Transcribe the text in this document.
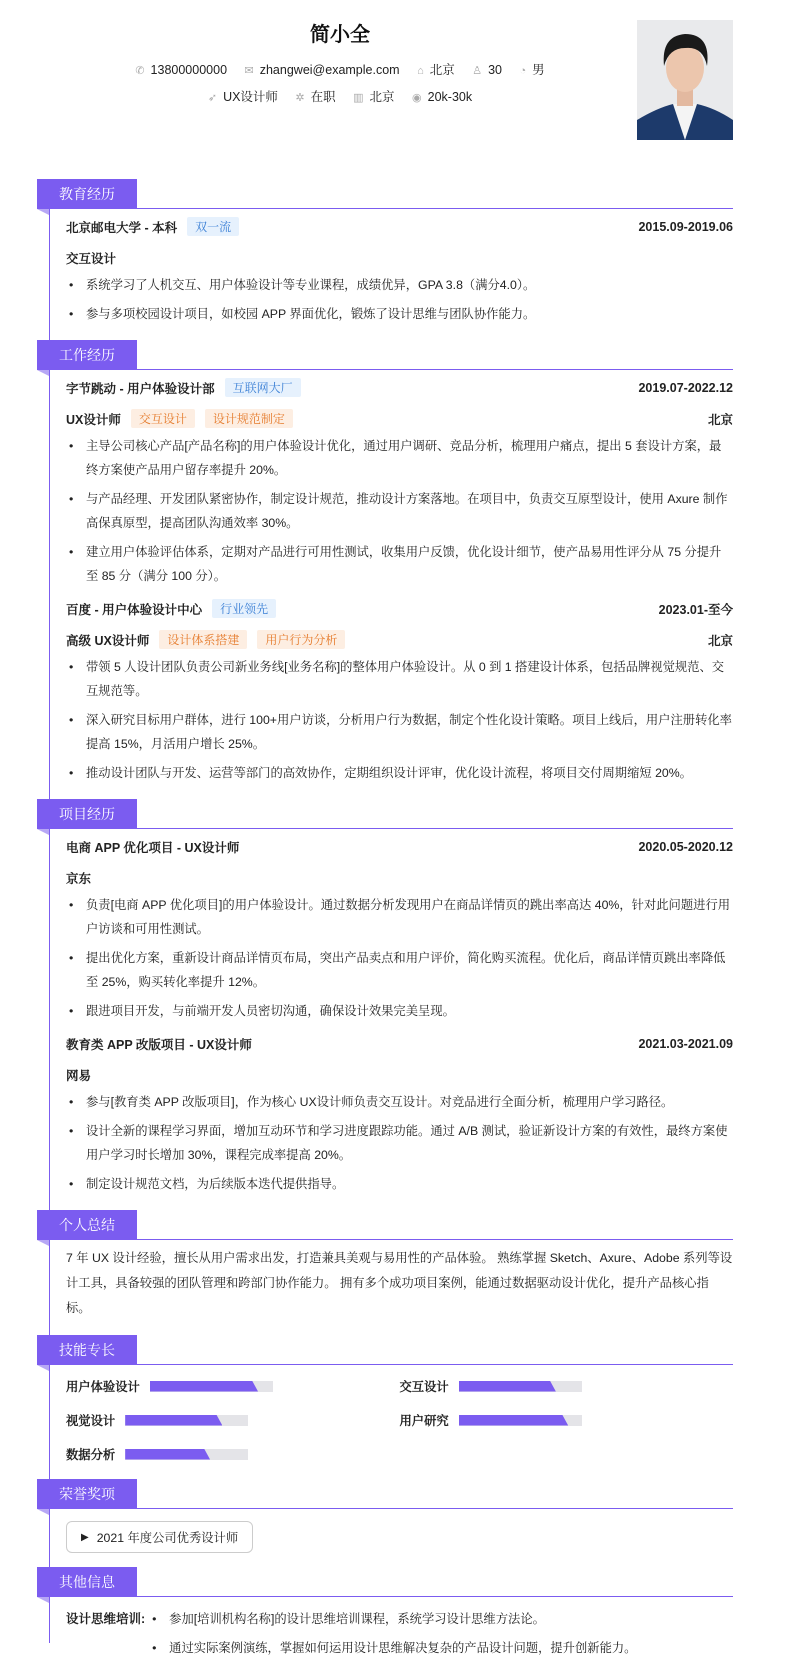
简小全
✆ 13800000000 ✉ zhangwei@example.com ⌂ 北京 ♙ 30 ◔ 男
➶ UX设计师 ✲ 在职 ▥ 北京 ◉ 20k-30k
教育经历
北京邮电大学 - 本科	双一流	2015.09-2019.06
交互设计
• 系统学习了人机交互、用户体验设计等专业课程，成绩优异，GPA 3.8（满分4.0）。
• 参与多项校园设计项目，如校园 APP 界面优化，锻炼了设计思维与团队协作能力。
工作经历
字节跳动 - 用户体验设计部	互联网大厂	2019.07-2022.12
UX设计师	交互设计	设计规范制定	北京
• 主导公司核心产品[产品名称]的用户体验设计优化，通过用户调研、竞品分析，梳理用户痛点，提出 5 套设计方案，最终方案使产品用户留存率提升 20%。
• 与产品经理、开发团队紧密协作，制定设计规范，推动设计方案落地。在项目中，负责交互原型设计，使用 Axure 制作高保真原型，提高团队沟通效率 30%。
• 建立用户体验评估体系，定期对产品进行可用性测试，收集用户反馈，优化设计细节，使产品易用性评分从 75 分提升至 85 分（满分 100 分）。
百度 - 用户体验设计中心	行业领先	2023.01-至今
高级 UX设计师	设计体系搭建	用户行为分析	北京
• 带领 5 人设计团队负责公司新业务线[业务名称]的整体用户体验设计。从 0 到 1 搭建设计体系，包括品牌视觉规范、交互规范等。
• 深入研究目标用户群体，进行 100+用户访谈，分析用户行为数据，制定个性化设计策略。项目上线后，用户注册转化率提高 15%，月活用户增长 25%。
• 推动设计团队与开发、运营等部门的高效协作，定期组织设计评审，优化设计流程，将项目交付周期缩短 20%。
项目经历
电商 APP 优化项目 - UX设计师	2020.05-2020.12
京东
• 负责[电商 APP 优化项目]的用户体验设计。通过数据分析发现用户在商品详情页的跳出率高达 40%，针对此问题进行用户访谈和可用性测试。
• 提出优化方案，重新设计商品详情页布局，突出产品卖点和用户评价，简化购买流程。优化后，商品详情页跳出率降低至 25%，购买转化率提升 12%。
• 跟进项目开发，与前端开发人员密切沟通，确保设计效果完美呈现。
教育类 APP 改版项目 - UX设计师	2021.03-2021.09
网易
• 参与[教育类 APP 改版项目]，作为核心 UX设计师负责交互设计。对竞品进行全面分析，梳理用户学习路径。
• 设计全新的课程学习界面，增加互动环节和学习进度跟踪功能。通过 A/B 测试，验证新设计方案的有效性，最终方案使用户学习时长增加 30%，课程完成率提高 20%。
• 制定设计规范文档，为后续版本迭代提供指导。
个人总结
7 年 UX 设计经验，擅长从用户需求出发，打造兼具美观与易用性的产品体验。 熟练掌握 Sketch、Axure、Adobe 系列等设计工具，具备较强的团队管理和跨部门协作能力。 拥有多个成功项目案例，能通过数据驱动设计优化，提升产品核心指标。
技能专长
用户体验设计	交互设计
视觉设计	用户研究
数据分析
荣誉奖项
▶ 2021 年度公司优秀设计师
其他信息
设计思维培训:	• 参加[培训机构名称]的设计思维培训课程，系统学习设计思维方法论。
• 通过实际案例演练，掌握如何运用设计思维解决复杂的产品设计问题，提升创新能力。
